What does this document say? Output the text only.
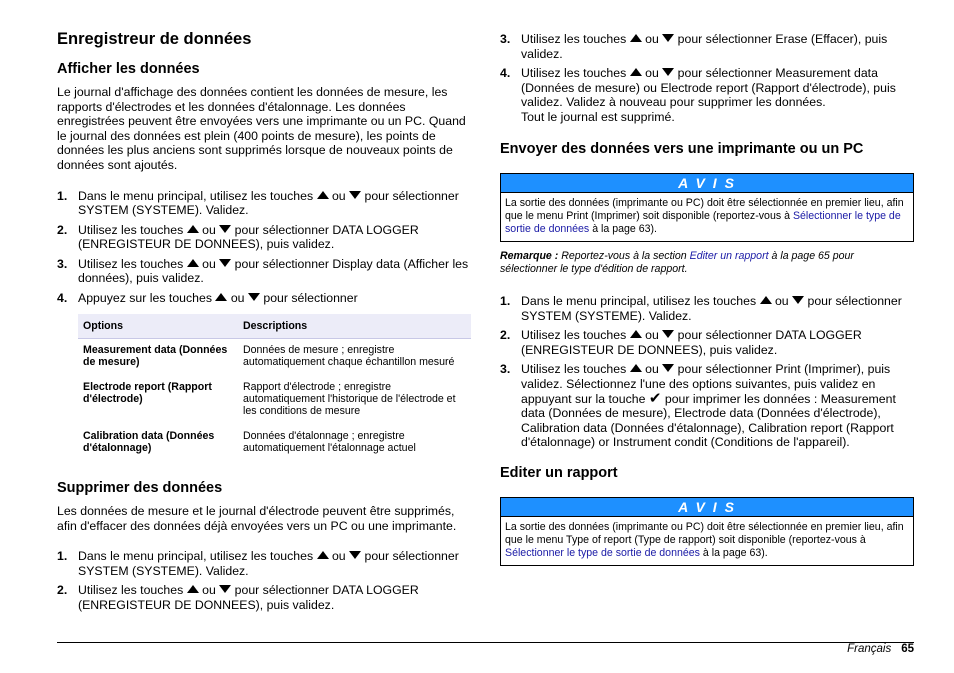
Enregistreur de données
Afficher les données

Le journal d'affichage des données contient les données de mesure, les rapports d'électrodes et les données d'étalonnage. Les données enregistrées peuvent être envoyées vers une imprimante ou un PC. Quand le journal des données est plein (400 points de mesure), les points de données les plus anciens sont supprimés lorsque de nouveaux points de données sont ajoutés.

1. Dans le menu principal, utilisez les touches ou pour sélectionner SYSTEM (SYSTEME). Validez.
2. Utilisez les touches ou pour sélectionner DATA LOGGER (ENREGISTEUR DE DONNEES), puis validez.
3. Utilisez les touches ou pour sélectionner Display data (Afficher les données), puis validez.
4. Appuyez sur les touches ou pour sélectionner
Options	Descriptions
Measurement data (Données de mesure)	Données de mesure ; enregistre automatiquement chaque échantillon mesuré
Electrode report (Rapport d'électrode)	Rapport d'électrode ; enregistre automatiquement l'historique de l'électrode et les conditions de mesure
Calibration data (Données d'étalonnage)	Données d'étalonnage ; enregistre automatiquement l'étalonnage actuel
Supprimer des données

Les données de mesure et le journal d'électrode peuvent être supprimés, afin d'effacer des données déjà envoyées vers un PC ou une imprimante.

1. Dans le menu principal, utilisez les touches ou pour sélectionner SYSTEM (SYSTEME). Validez.
2. Utilisez les touches ou pour sélectionner DATA LOGGER (ENREGISTEUR DE DONNEES), puis validez.
3. Utilisez les touches ou pour sélectionner Erase (Effacer), puis validez.
4. Utilisez les touches ou pour sélectionner Measurement data (Données de mesure) ou Electrode report (Rapport d'électrode), puis validez. Validez à nouveau pour supprimer les données.
Tout le journal est supprimé.
Envoyer des données vers une imprimante ou un PC
A V I S
La sortie des données (imprimante ou PC) doit être sélectionnée en premier lieu, afin que le menu Print (Imprimer) soit disponible (reportez-vous à Sélectionner le type de sortie de données à la page 63).

Remarque : Reportez-vous à la section Editer un rapport à la page 65 pour sélectionner le type d'édition de rapport.

1. Dans le menu principal, utilisez les touches ou pour sélectionner SYSTEM (SYSTEME). Validez.
2. Utilisez les touches ou pour sélectionner DATA LOGGER (ENREGISTEUR DE DONNEES), puis validez.
3. Utilisez les touches ou pour sélectionner Print (Imprimer), puis validez. Sélectionnez l'une des options suivantes, puis validez en appuyant sur la touche ✔ pour imprimer les données : Measurement data (Données de mesure), Electrode data (Données d'électrode), Calibration data (Données d'étalonnage), Calibration report (Rapport d'étalonnage) or Instrument condit (Conditions de l'appareil).
Editer un rapport
A V I S
La sortie des données (imprimante ou PC) doit être sélectionnée en premier lieu, afin que le menu Type of report (Type de rapport) soit disponible (reportez-vous à Sélectionner le type de sortie de données à la page 63).
Français 65
